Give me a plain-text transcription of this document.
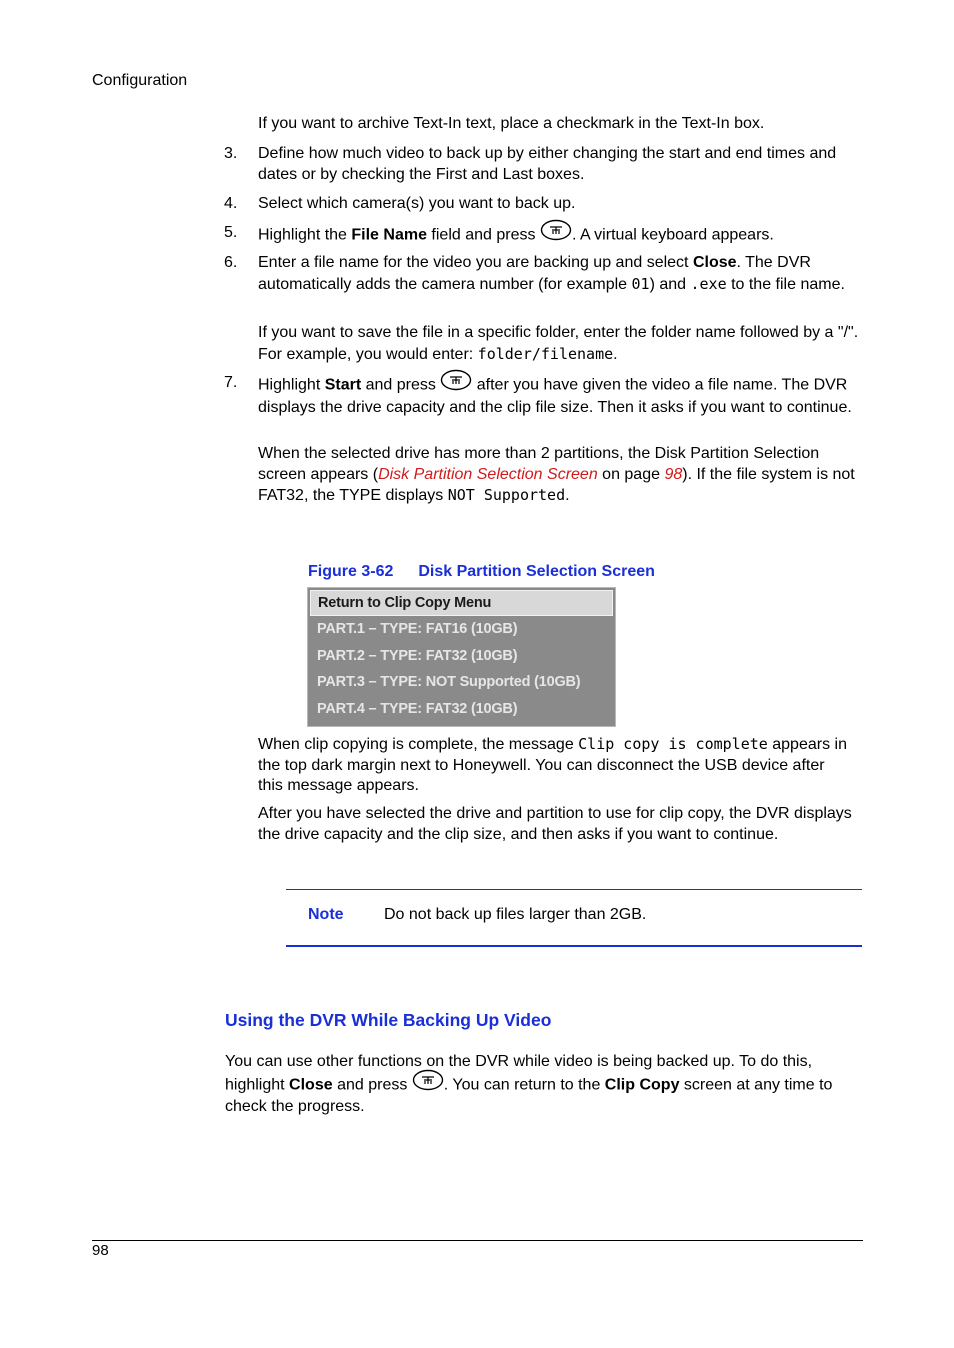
Configuration
If you want to archive Text-In text, place a checkmark in the Text-In box.
3.	Define how much video to back up by either changing the start and end times and dates or by checking the First and Last boxes.
4.	Select which camera(s) you want to back up.
5.	Highlight the File Name field and press . A virtual keyboard appears.
6.	Enter a file name for the video you are backing up and select Close. The DVR automatically adds the camera number (for example 01) and .exe to the file name.
If you want to save the file in a specific folder, enter the folder name followed by a "/". For example, you would enter: folder/filename.
7.	Highlight Start and press  after you have given the video a file name. The DVR displays the drive capacity and the clip file size. Then it asks if you want to continue.
When the selected drive has more than 2 partitions, the Disk Partition Selection screen appears (Disk Partition Selection Screen on page 98). If the file system is not FAT32, the TYPE displays NOT Supported.
Figure 3-62 Disk Partition Selection Screen
Return to Clip Copy Menu
PART.1 – TYPE: FAT16 (10GB)
PART.2 – TYPE: FAT32 (10GB)
PART.3 – TYPE: NOT Supported (10GB)
PART.4 – TYPE: FAT32 (10GB)
When clip copying is complete, the message Clip copy is complete appears in the top dark margin next to Honeywell. You can disconnect the USB device after this message appears.
After you have selected the drive and partition to use for clip copy, the DVR displays the drive capacity and the clip size, and then asks if you want to continue.
Note	Do not back up files larger than 2GB.
Using the DVR While Backing Up Video
You can use other functions on the DVR while video is being backed up. To do this, highlight Close and press . You can return to the Clip Copy screen at any time to check the progress.
98
